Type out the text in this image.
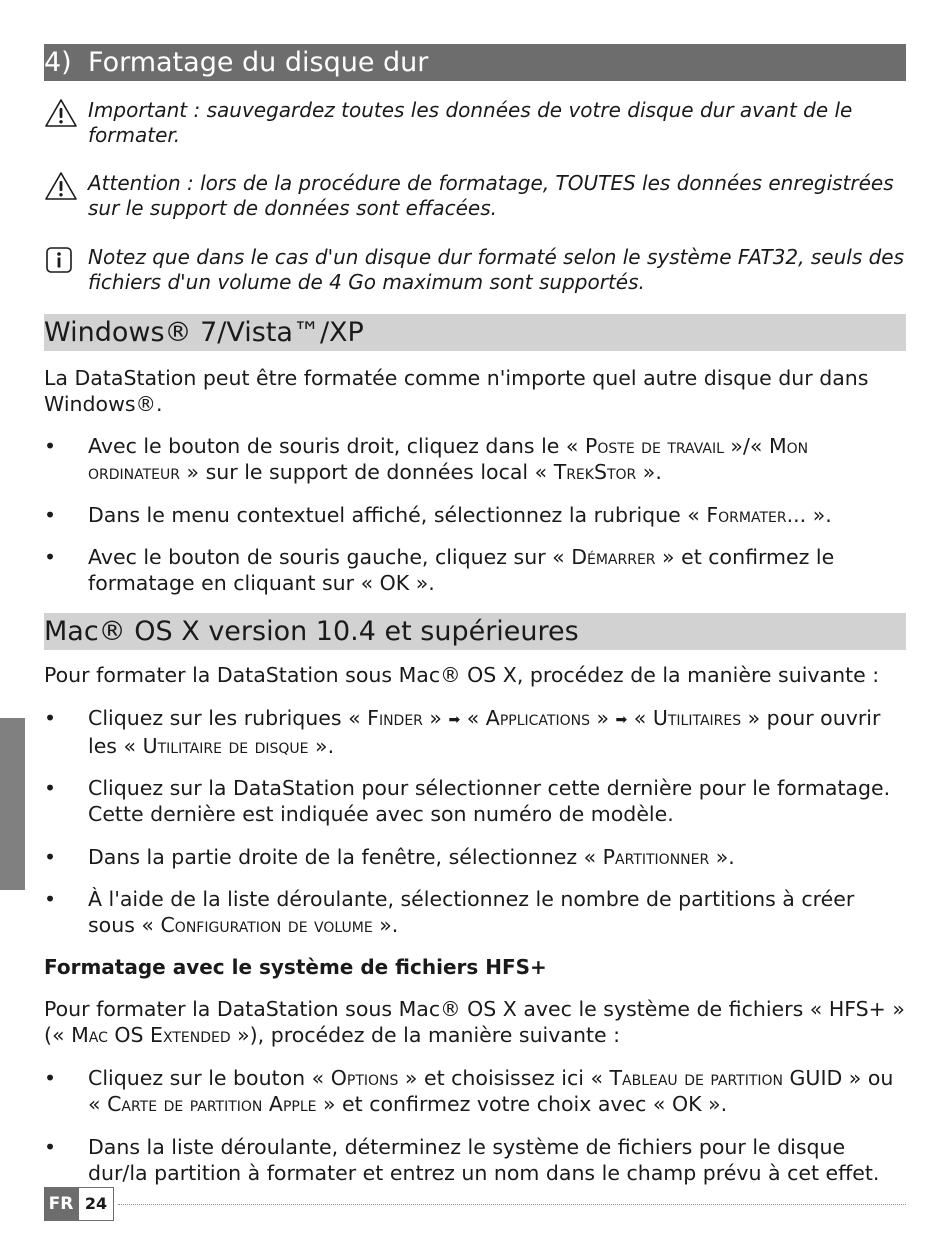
4) Formatage du disque dur
Important : sauvegardez toutes les données de votre disque dur avant de le formater.
Attention : lors de la procédure de formatage, TOUTES les données enregistrées sur le support de données sont effacées.
Notez que dans le cas d'un disque dur formaté selon le système FAT32, seuls des fichiers d'un volume de 4 Go maximum sont supportés.
Windows® 7/Vista™/XP

La DataStation peut être formatée comme n'importe quel autre disque dur dans Windows®.

• Avec le bouton de souris droit, cliquez dans le « Poste de travail »/« Mon ordinateur » sur le support de données local « TrekStor ».
• Dans le menu contextuel affiché, sélectionnez la rubrique « Formater... ».
• Avec le bouton de souris gauche, cliquez sur « Démarrer » et confirmez le formatage en cliquant sur « OK ».
Mac® OS X version 10.4 et supérieures

Pour formater la DataStation sous Mac® OS X, procédez de la manière suivante :

• Cliquez sur les rubriques « Finder » ➡ « Applications » ➡ « Utilitaires » pour ouvrir les « Utilitaire de disque ».
• Cliquez sur la DataStation pour sélectionner cette dernière pour le formatage. Cette dernière est indiquée avec son numéro de modèle.
• Dans la partie droite de la fenêtre, sélectionnez « Partitionner ».
• À l'aide de la liste déroulante, sélectionnez le nombre de partitions à créer sous « Configuration de volume ».
Formatage avec le système de fichiers HFS+

Pour formater la DataStation sous Mac® OS X avec le système de fichiers « HFS+ » (« Mac OS Extended »), procédez de la manière suivante :

• Cliquez sur le bouton « Options » et choisissez ici « Tableau de partition GUID » ou « Carte de partition Apple » et confirmez votre choix avec « OK ».
• Dans la liste déroulante, déterminez le système de fichiers pour le disque dur/la partition à formater et entrez un nom dans le champ prévu à cet effet.
FR 24
